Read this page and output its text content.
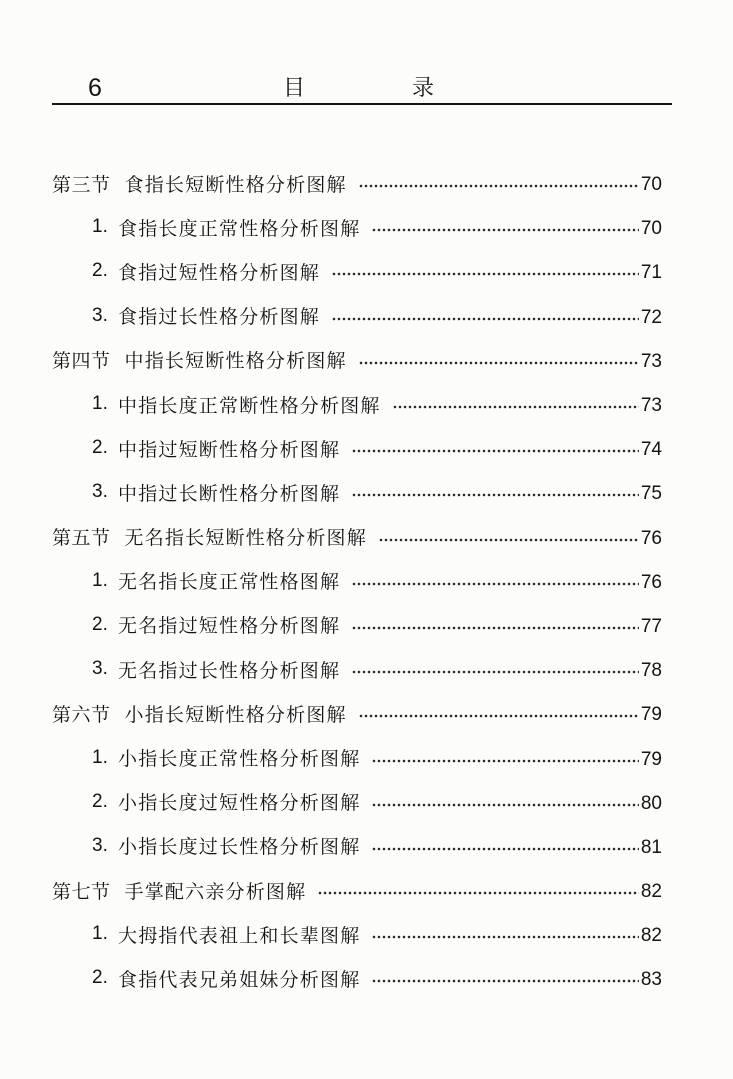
6	目	录
第三节 食指长短断性格分析图解	70
1. 食指长度正常性格分析图解	70
2. 食指过短性格分析图解	71
3. 食指过长性格分析图解	72
第四节 中指长短断性格分析图解	73
1. 中指长度正常断性格分析图解	73
2. 中指过短断性格分析图解	74
3. 中指过长断性格分析图解	75
第五节 无名指长短断性格分析图解	76
1. 无名指长度正常性格图解	76
2. 无名指过短性格分析图解	77
3. 无名指过长性格分析图解	78
第六节 小指长短断性格分析图解	79
1. 小指长度正常性格分析图解	79
2. 小指长度过短性格分析图解	80
3. 小指长度过长性格分析图解	81
第七节 手掌配六亲分析图解	82
1. 大拇指代表祖上和长辈图解	82
2. 食指代表兄弟姐妹分析图解	83
